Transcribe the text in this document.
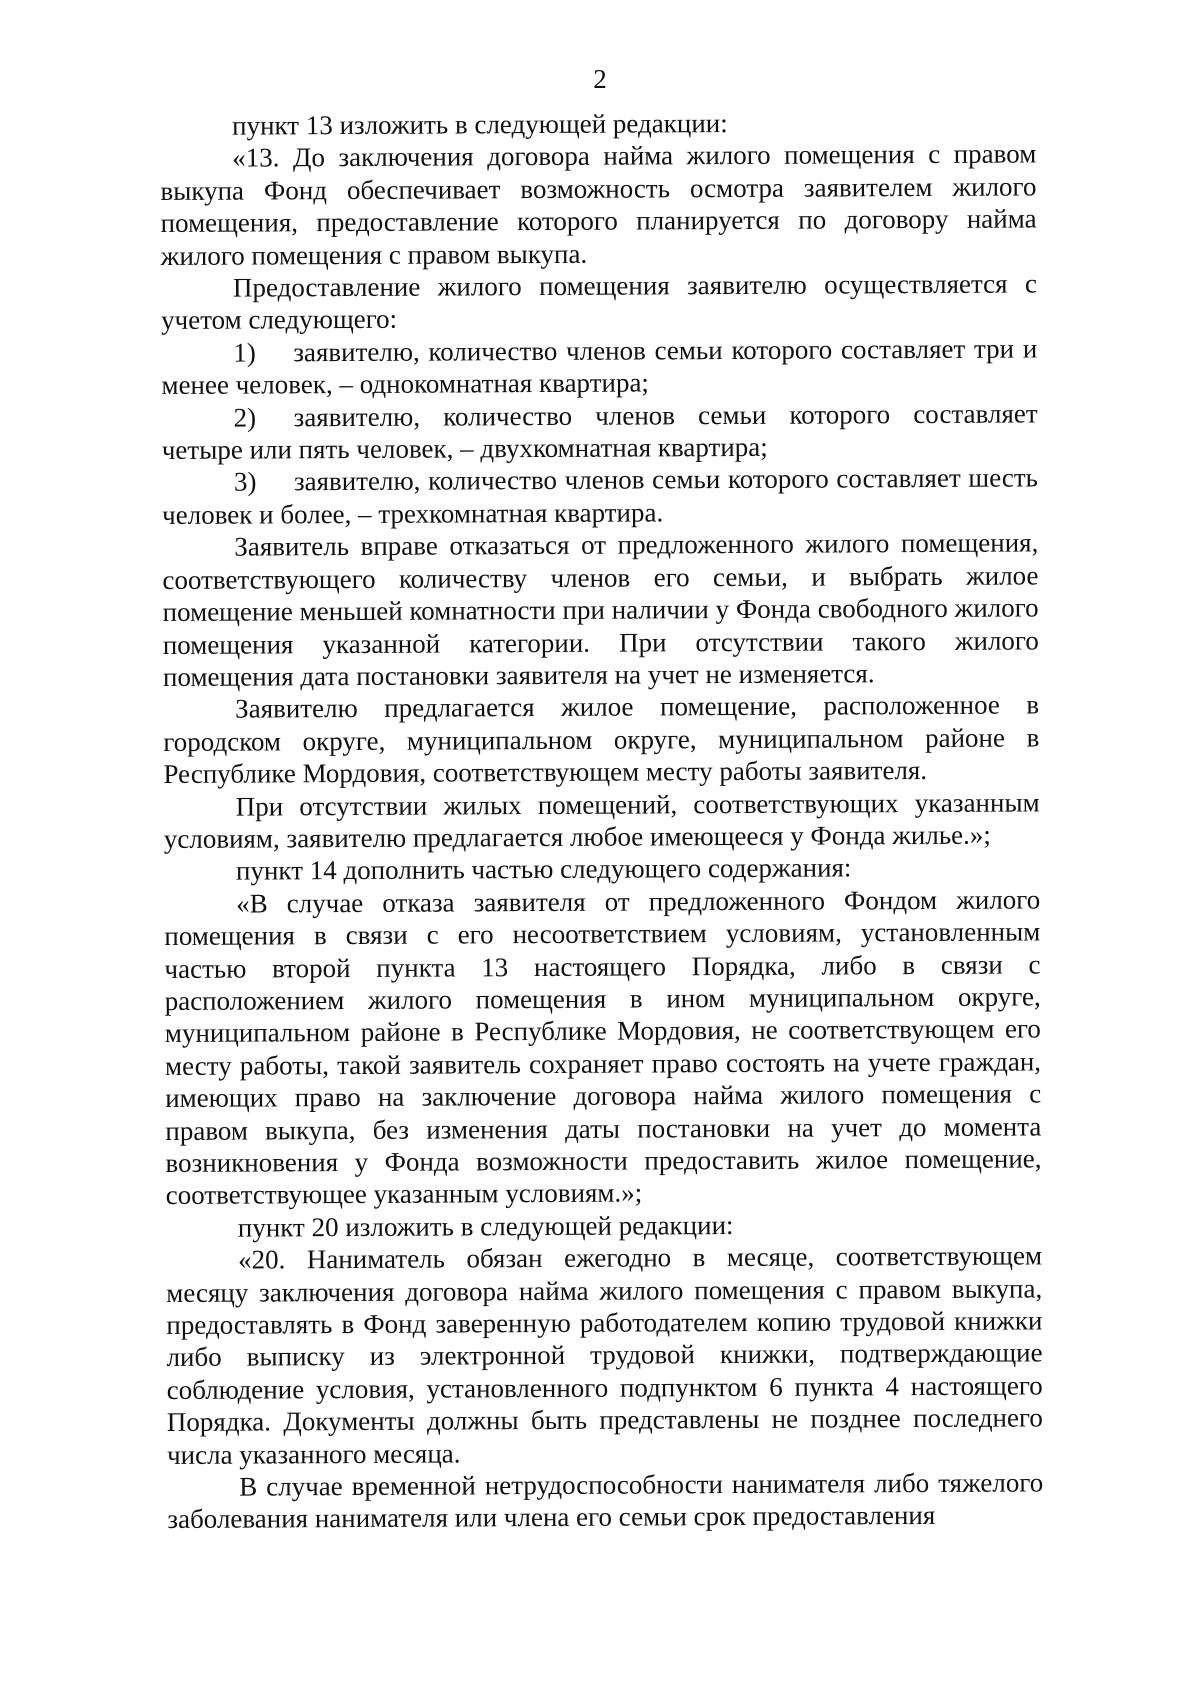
2

пункт 13 изложить в следующей редакции:

«13. До заключения договора найма жилого помещения с правом выкупа Фонд обеспечивает возможность осмотра заявителем жилого помещения, предоставление которого планируется по договору найма жилого помещения с правом выкупа.

Предоставление жилого помещения заявителю осуществляется с учетом следующего:

1) заявителю, количество членов семьи которого составляет три и менее человек, – однокомнатная квартира;

2) заявителю, количество членов семьи которого составляет четыре или пять человек, – двухкомнатная квартира;

3) заявителю, количество членов семьи которого составляет шесть человек и более, – трехкомнатная квартира.

Заявитель вправе отказаться от предложенного жилого помещения, соответствующего количеству членов его семьи, и выбрать жилое помещение меньшей комнатности при наличии у Фонда свободного жилого помещения указанной категории. При отсутствии такого жилого помещения дата постановки заявителя на учет не изменяется.

Заявителю предлагается жилое помещение, расположенное в городском округе, муниципальном округе, муниципальном районе в Республике Мордовия, соответствующем месту работы заявителя.

При отсутствии жилых помещений, соответствующих указанным условиям, заявителю предлагается любое имеющееся у Фонда жилье.»;

пункт 14 дополнить частью следующего содержания:

«В случае отказа заявителя от предложенного Фондом жилого помещения в связи с его несоответствием условиям, установленным частью второй пункта 13 настоящего Порядка, либо в связи с расположением жилого помещения в ином муниципальном округе, муниципальном районе в Республике Мордовия, не соответствующем его месту работы, такой заявитель сохраняет право состоять на учете граждан, имеющих право на заключение договора найма жилого помещения с правом выкупа, без изменения даты постановки на учет до момента возникновения у Фонда возможности предоставить жилое помещение, соответствующее указанным условиям.»;

пункт 20 изложить в следующей редакции:

«20. Наниматель обязан ежегодно в месяце, соответствующем месяцу заключения договора найма жилого помещения с правом выкупа, предоставлять в Фонд заверенную работодателем копию трудовой книжки либо выписку из электронной трудовой книжки, подтверждающие соблюдение условия, установленного подпунктом 6 пункта 4 настоящего Порядка. Документы должны быть представлены не позднее последнего числа указанного месяца.

В случае временной нетрудоспособности нанимателя либо тяжелого заболевания нанимателя или члена его семьи срок предоставления
